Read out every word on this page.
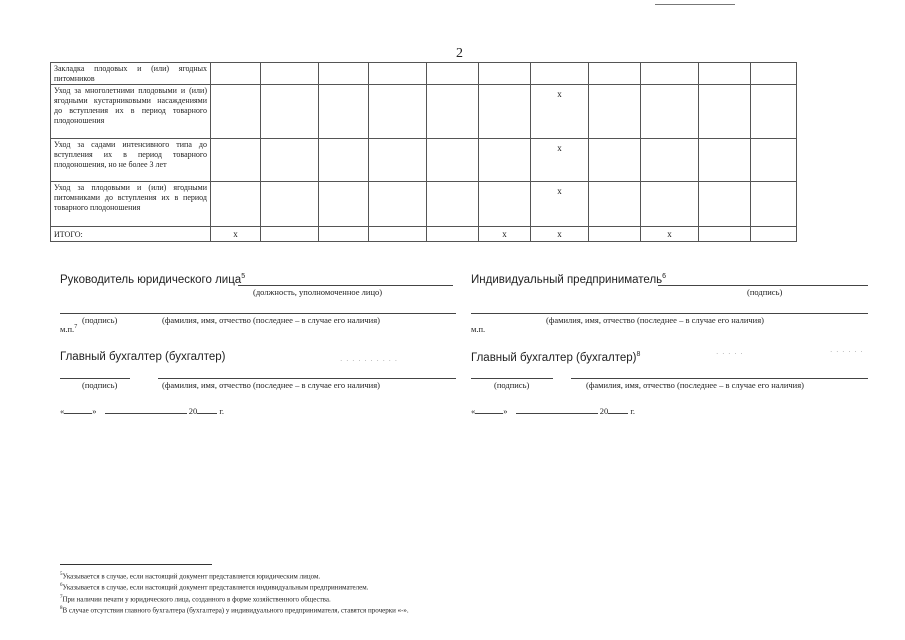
2
Закладка плодовых и (или) ягодных питомников											
Уход за многолетними плодовыми и (или) ягодными кустарниковыми насаждениями до вступления их в период товарного плодоношения							x				
Уход за садами интенсивного типа до вступления их в период товарного плодоношения, но не более 3 лет							x				
Уход за плодовыми и (или) ягодными питомниками до вступления их в период товарного плодоношения							x				
ИТОГО:	x					x	x		x		
Руководитель юридического лица$^5$
(должность, уполномоченное лицо)
(подпись)	(фамилия, имя, отчество (последнее – в случае его наличия)
м.п.$^7$
Главный бухгалтер (бухгалтер)	· · · · · · · · · ·
(подпись)	(фамилия, имя, отчество (последнее – в случае его наличия)
«	»	20	г.
Индивидуальный предприниматель$^6$
(подпись)
(фамилия, имя, отчество (последнее – в случае его наличия)
м.п.
Главный бухгалтер (бухгалтер)$^8$	· · · · ·	· · · · · ·
(подпись)	(фамилия, имя, отчество (последнее – в случае его наличия)
«	»	20	г.
$^5$Указывается в случае, если настоящий документ представляется юридическим лицом.
$^6$Указывается в случае, если настоящий документ представляется индивидуальным предпринимателем.
$^7$При наличии печати у юридического лица, созданного в форме хозяйственного общества.
$^8$В случае отсутствия главного бухгалтера (бухгалтера) у индивидуального предпринимателя, ставятся прочерки «-».
